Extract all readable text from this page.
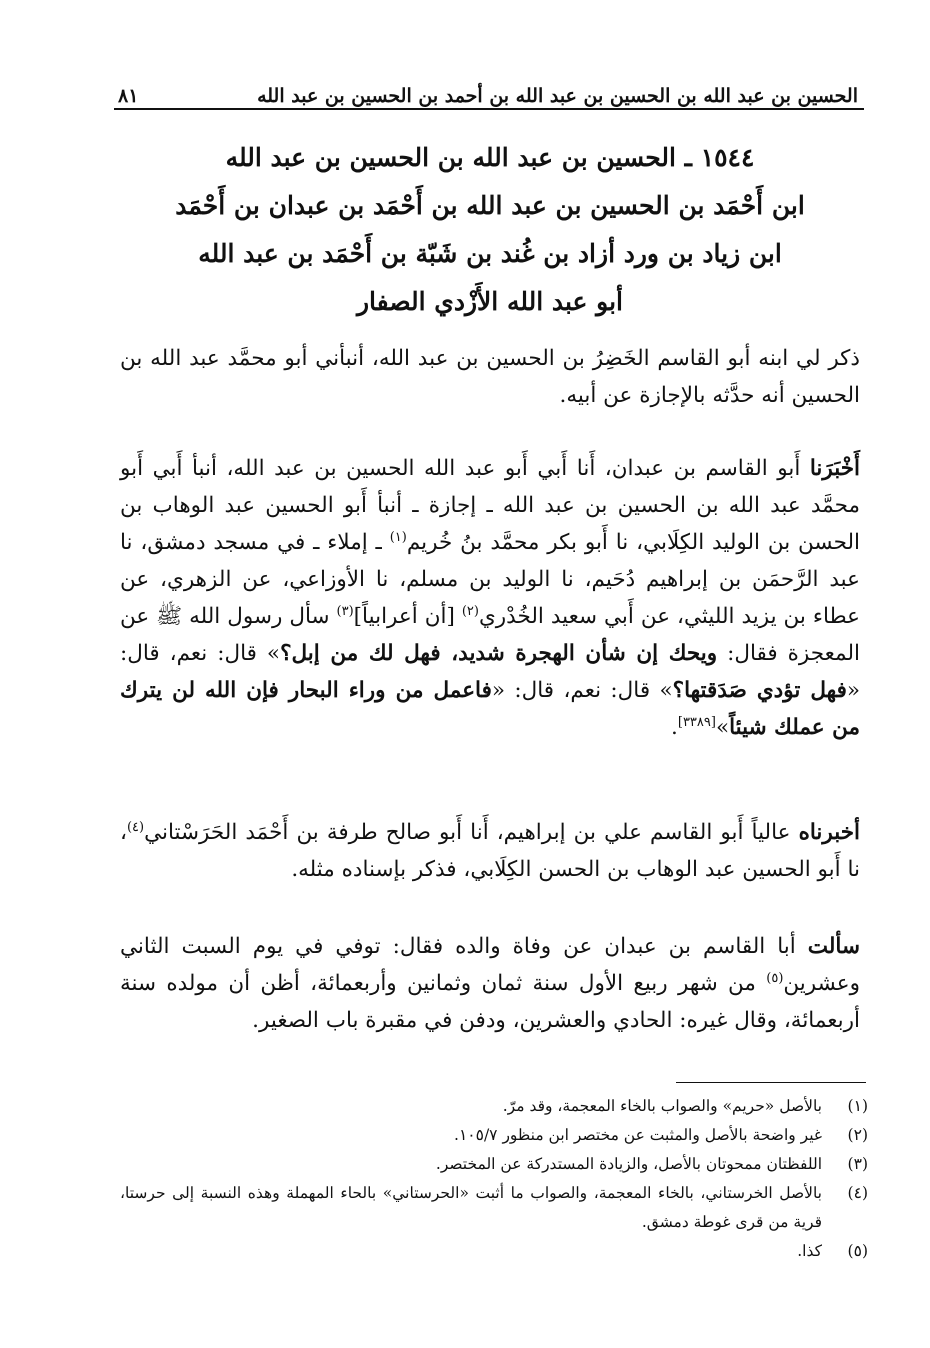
الحسين بن عبد الله بن الحسين بن عبد الله بن أحمد بن الحسين بن عبد الله
٨١
١٥٤٤ ـ الحسين بن عبد الله بن الحسين بن عبد الله
ابن أَحْمَد بن الحسين بن عبد الله بن أَحْمَد بن عبدان بن أَحْمَد
ابن زياد بن ورد أزاد بن غُند بن شَبّة بن أَحْمَد بن عبد الله
أبو عبد الله الأَزْدي الصفار
ذكر لي ابنه أبو القاسم الخَضِرُ بن الحسين بن عبد الله، أنبأني أبو محمَّد عبد الله بن الحسين أنه حدَّثه بالإجازة عن أبيه.
أَخْبَرَنا أَبو القاسم بن عبدان، أَنا أَبي أَبو عبد الله الحسين بن عبد الله، أنبأ أَبي أَبو محمَّد عبد الله بن الحسين بن عبد الله ـ إجازة ـ أنبأ أَبو الحسين عبد الوهاب بن الحسن بن الوليد الكِلَابي، نا أَبو بكر محمَّد بنُ خُريم$^{(١)}$ ـ إملاء ـ في مسجد دمشق، نا عبد الرَّحمَن بن إبراهيم دُحَيم، نا الوليد بن مسلم، نا الأوزاعي، عن الزهري، عن عطاء بن يزيد الليثي، عن أَبي سعيد الخُدْري$^{(٢)}$ [أن أعرابياً]$^{(٣)}$ سأل رسول الله ﷺ عن المعجزة فقال: ويحك إن شأن الهجرة شديد، فهل لك من إبل؟» قال: نعم، قال: «فهل تؤدي صَدَقتها؟» قال: نعم، قال: «فاعمل من وراء البحار فإن الله لن يترك من عملك شيئاً»[٣٣٨٩].
أخبرناه عالياً أَبو القاسم علي بن إبراهيم، أَنا أَبو صالح طرفة بن أَحْمَد الحَرَسْتاني$^{(٤)}$، نا أَبو الحسين عبد الوهاب بن الحسن الكِلَابي، فذكر بإسناده مثله.
سألت أبا القاسم بن عبدان عن وفاة والده فقال: توفي في يوم السبت الثاني وعشرين$^{(٥)}$ من شهر ربيع الأول سنة ثمان وثمانين وأربعمائة، أظن أن مولده سنة أربعمائة، وقال غيره: الحادي والعشرين، ودفن في مقبرة باب الصغير.
(١)
بالأصل «حريم» والصواب بالخاء المعجمة، وقد مرّ.
(٢)
غير واضحة بالأصل والمثبت عن مختصر ابن منظور ١٠٥/٧.
(٣)
اللفظتان ممحوتان بالأصل، والزيادة المستدركة عن المختصر.
(٤)
بالأصل الخرستاني، بالخاء المعجمة، والصواب ما أثبت «الحرستاني» بالحاء المهملة وهذه النسبة إلى حرستا، قرية من قرى غوطة دمشق.
(٥)
كذا.
